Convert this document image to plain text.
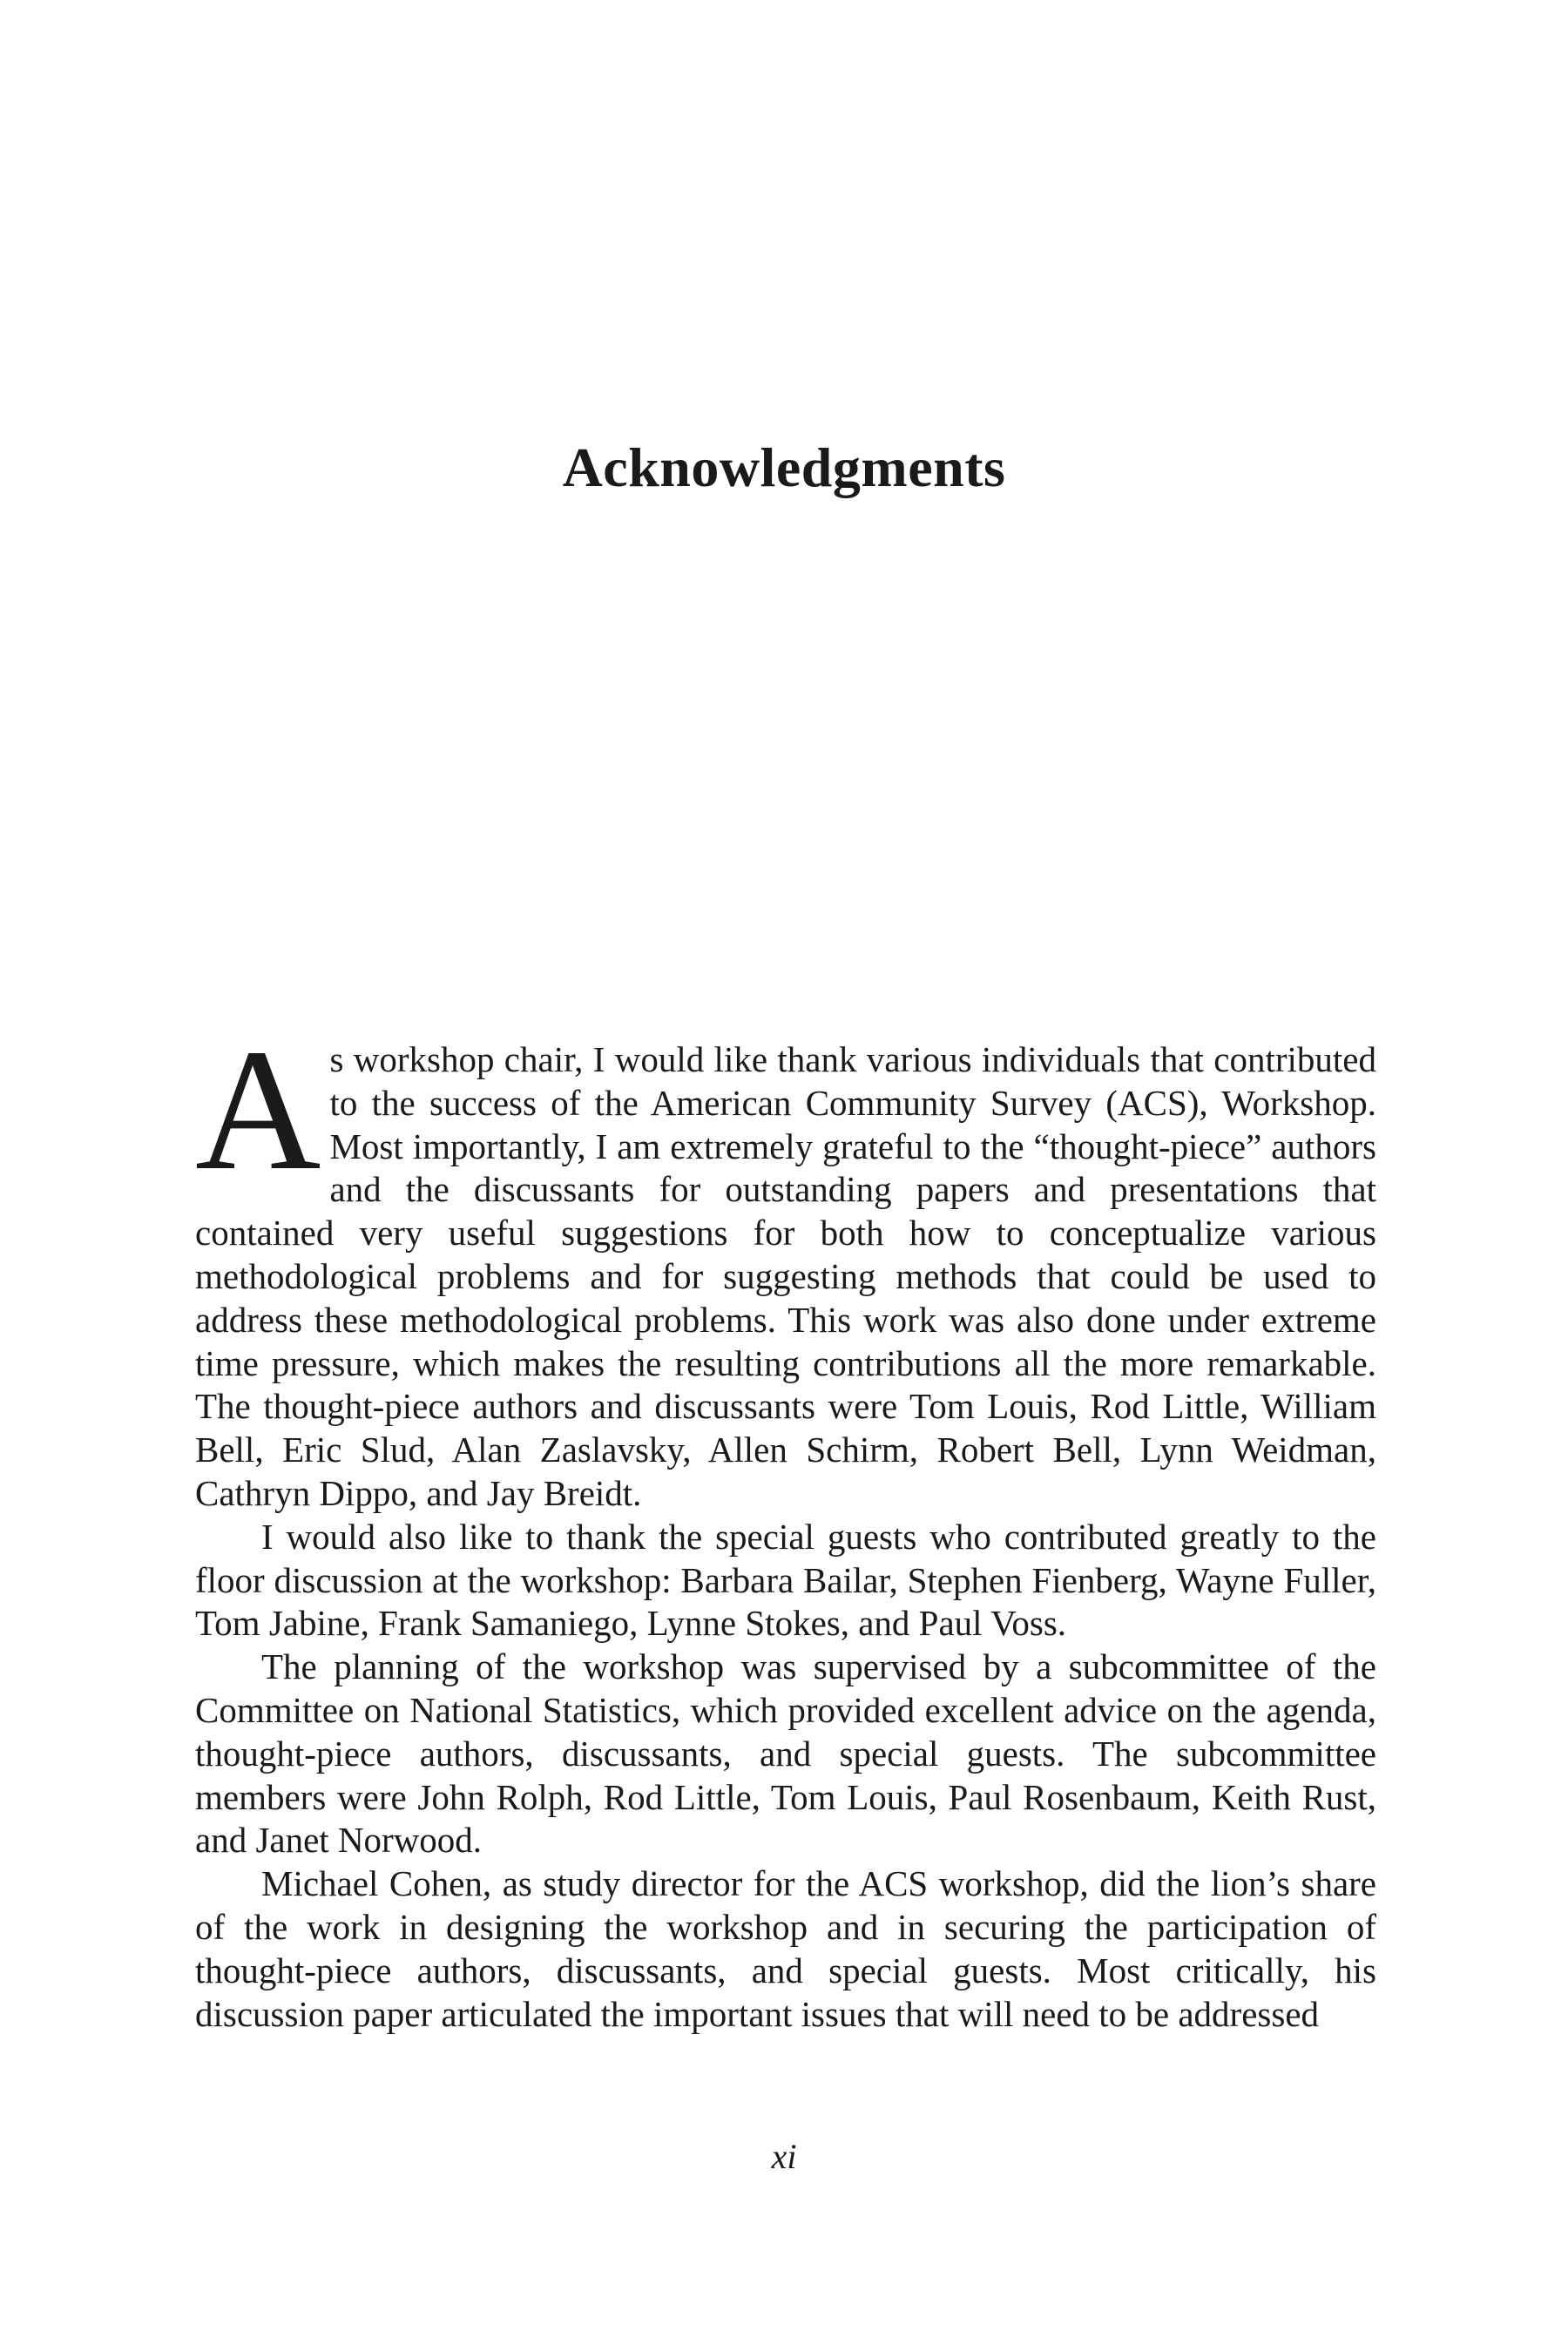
Acknowledgments

As workshop chair, I would like thank various individuals that contributed to the success of the American Community Survey (ACS), Workshop. Most importantly, I am extremely grateful to the “thought-piece” authors and the discussants for outstanding papers and presentations that contained very useful suggestions for both how to conceptualize various methodological problems and for suggesting methods that could be used to address these methodological problems. This work was also done under extreme time pressure, which makes the resulting contributions all the more remarkable. The thought-piece authors and discussants were Tom Louis, Rod Little, William Bell, Eric Slud, Alan Zaslavsky, Allen Schirm, Robert Bell, Lynn Weidman, Cathryn Dippo, and Jay Breidt.

I would also like to thank the special guests who contributed greatly to the floor discussion at the workshop: Barbara Bailar, Stephen Fienberg, Wayne Fuller, Tom Jabine, Frank Samaniego, Lynne Stokes, and Paul Voss.

The planning of the workshop was supervised by a subcommittee of the Committee on National Statistics, which provided excellent advice on the agenda, thought-piece authors, discussants, and special guests. The subcommittee members were John Rolph, Rod Little, Tom Louis, Paul Rosenbaum, Keith Rust, and Janet Norwood.

Michael Cohen, as study director for the ACS workshop, did the lion’s share of the work in designing the workshop and in securing the participation of thought-piece authors, discussants, and special guests. Most critically, his discussion paper articulated the important issues that will need to be addressed

xi
